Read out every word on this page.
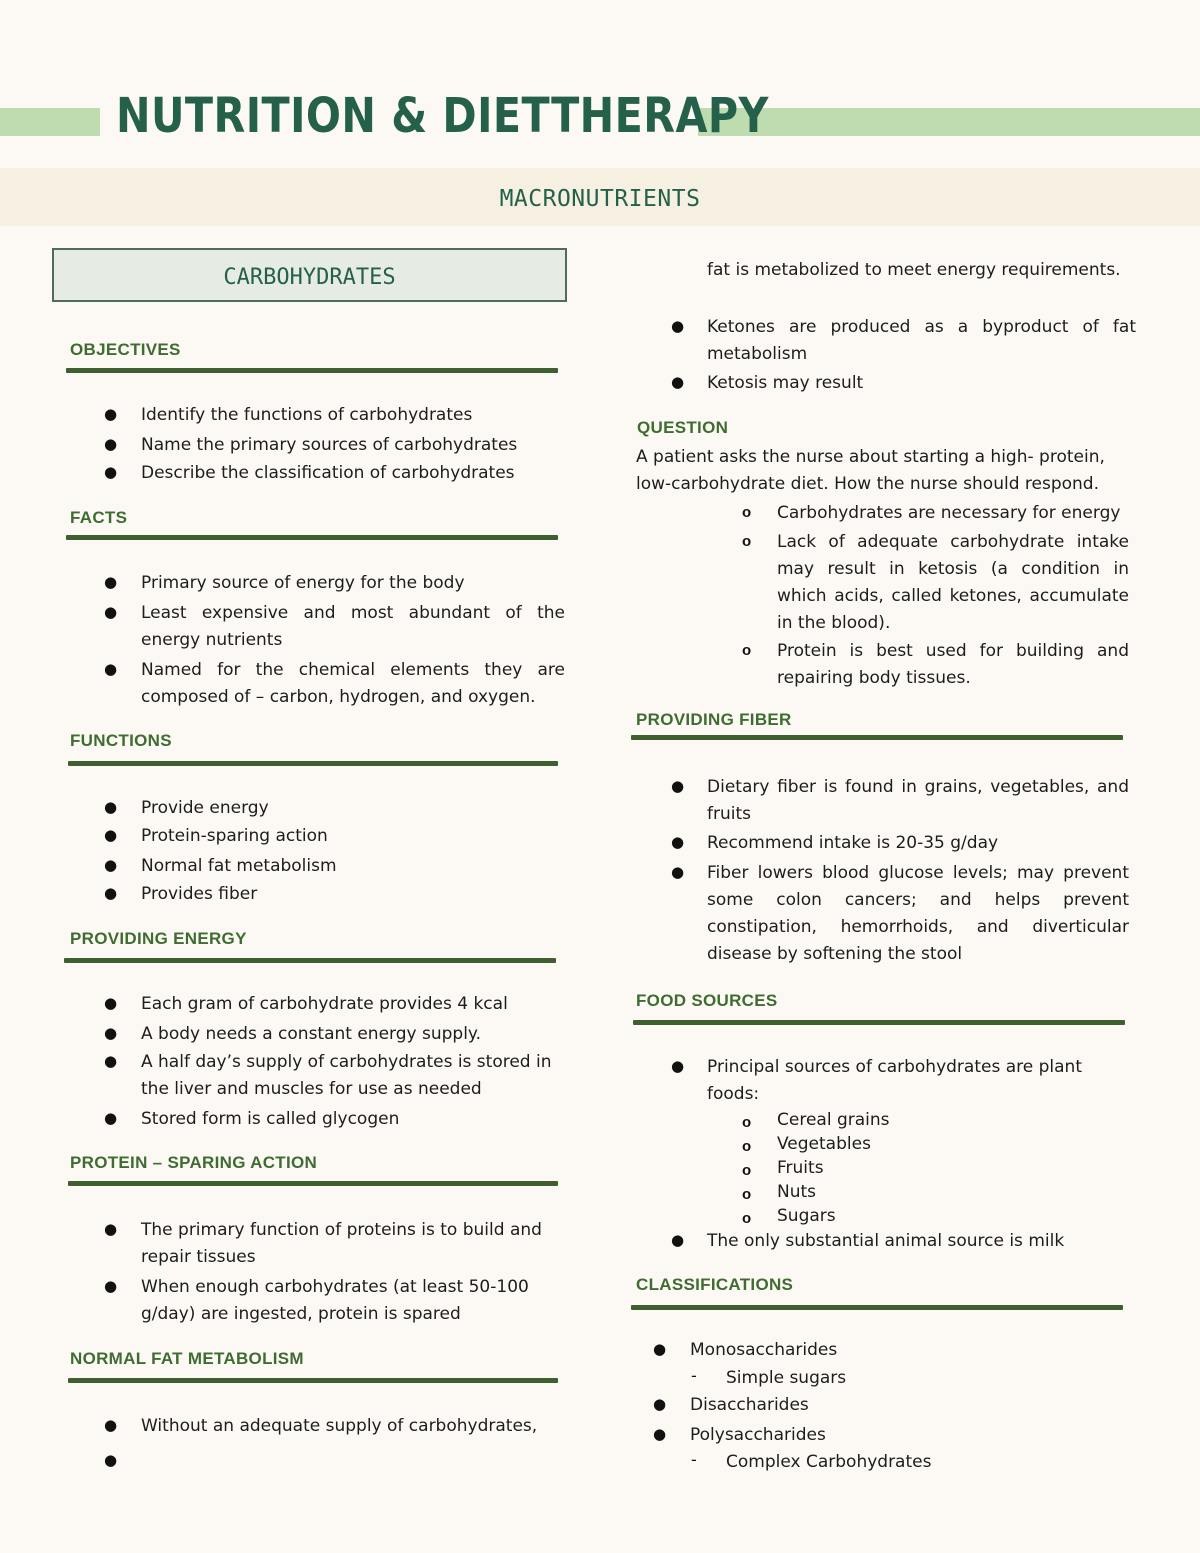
NUTRITION & DIETTHERAPY
MACRONUTRIENTS
CARBOHYDRATES
OBJECTIVES
● Identify the functions of carbohydrates
● Name the primary sources of carbohydrates
● Describe the classification of carbohydrates
FACTS
● Primary source of energy for the body
● Least expensive and most abundant of the energy nutrients
● Named for the chemical elements they are composed of – carbon, hydrogen, and oxygen.
FUNCTIONS
● Provide energy
● Protein-sparing action
● Normal fat metabolism
● Provides fiber
PROVIDING ENERGY
● Each gram of carbohydrate provides 4 kcal
● A body needs a constant energy supply.
● A half day’s supply of carbohydrates is stored in the liver and muscles for use as needed
● Stored form is called glycogen
PROTEIN – SPARING ACTION
● The primary function of proteins is to build and repair tissues
● When enough carbohydrates (at least 50-100 g/day) are ingested, protein is spared
NORMAL FAT METABOLISM
● Without an adequate supply of carbohydrates,
●
fat is metabolized to meet energy requirements.
● Ketones are produced as a byproduct of fat metabolism
● Ketosis may result
QUESTION
A patient asks the nurse about starting a high- protein, low-carbohydrate diet. How the nurse should respond.
o Carbohydrates are necessary for energy
o Lack of adequate carbohydrate intake may result in ketosis (a condition in which acids, called ketones, accumulate in the blood).
o Protein is best used for building and repairing body tissues.
PROVIDING FIBER
● Dietary fiber is found in grains, vegetables, and fruits
● Recommend intake is 20-35 g/day
● Fiber lowers blood glucose levels; may prevent some colon cancers; and helps prevent constipation, hemorrhoids, and diverticular disease by softening the stool
FOOD SOURCES
● Principal sources of carbohydrates are plant foods:
o Cereal grains
o Vegetables
o Fruits
o Nuts
o Sugars
● The only substantial animal source is milk
CLASSIFICATIONS
● Monosaccharides
- Simple sugars
● Disaccharides
● Polysaccharides
- Complex Carbohydrates
